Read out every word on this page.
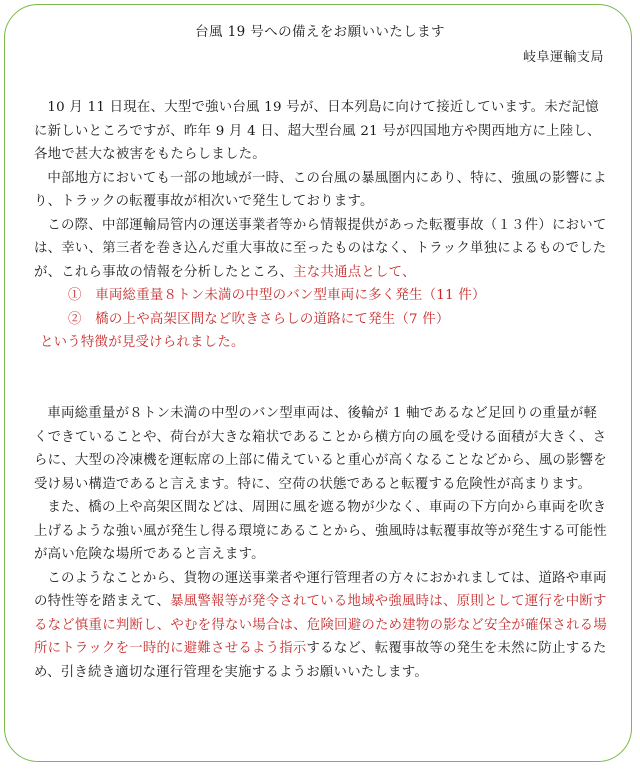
台風 19 号への備えをお願いいたします
岐阜運輸支局

10 月 11 日現在、大型で強い台風 19 号が、日本列島に向けて接近しています。未だ記憶に新しいところですが、昨年 9 月 4 日、超大型台風 21 号が四国地方や関西地方に上陸し、各地で甚大な被害をもたらしました。

中部地方においても一部の地域が一時、この台風の暴風圏内にあり、特に、強風の影響により、トラックの転覆事故が相次いで発生しております。

この際、中部運輸局管内の運送事業者等から情報提供があった転覆事故（１３件）においては、幸い、第三者を巻き込んだ重大事故に至ったものはなく、トラック単独によるものでしたが、これら事故の情報を分析したところ、主な共通点として、

①　車両総重量８トン未満の中型のバン型車両に多く発生（11 件）

②　橋の上や高架区間など吹きさらしの道路にて発生（7 件）

という特徴が見受けられました。

車両総重量が８トン未満の中型のバン型車両は、後輪が 1 軸であるなど足回りの重量が軽くできていることや、荷台が大きな箱状であることから横方向の風を受ける面積が大きく、さらに、大型の冷凍機を運転席の上部に備えていると重心が高くなることなどから、風の影響を受け易い構造であると言えます。特に、空荷の状態であると転覆する危険性が高まります。

また、橋の上や高架区間などは、周囲に風を遮る物が少なく、車両の下方向から車両を吹き上げるような強い風が発生し得る環境にあることから、強風時は転覆事故等が発生する可能性が高い危険な場所であると言えます。

このようなことから、貨物の運送事業者や運行管理者の方々におかれましては、道路や車両の特性等を踏まえて、暴風警報等が発令されている地域や強風時は、原則として運行を中断するなど慎重に判断し、やむを得ない場合は、危険回避のため建物の影など安全が確保される場所にトラックを一時的に避難させるよう指示するなど、転覆事故等の発生を未然に防止するため、引き続き適切な運行管理を実施するようお願いいたします。
